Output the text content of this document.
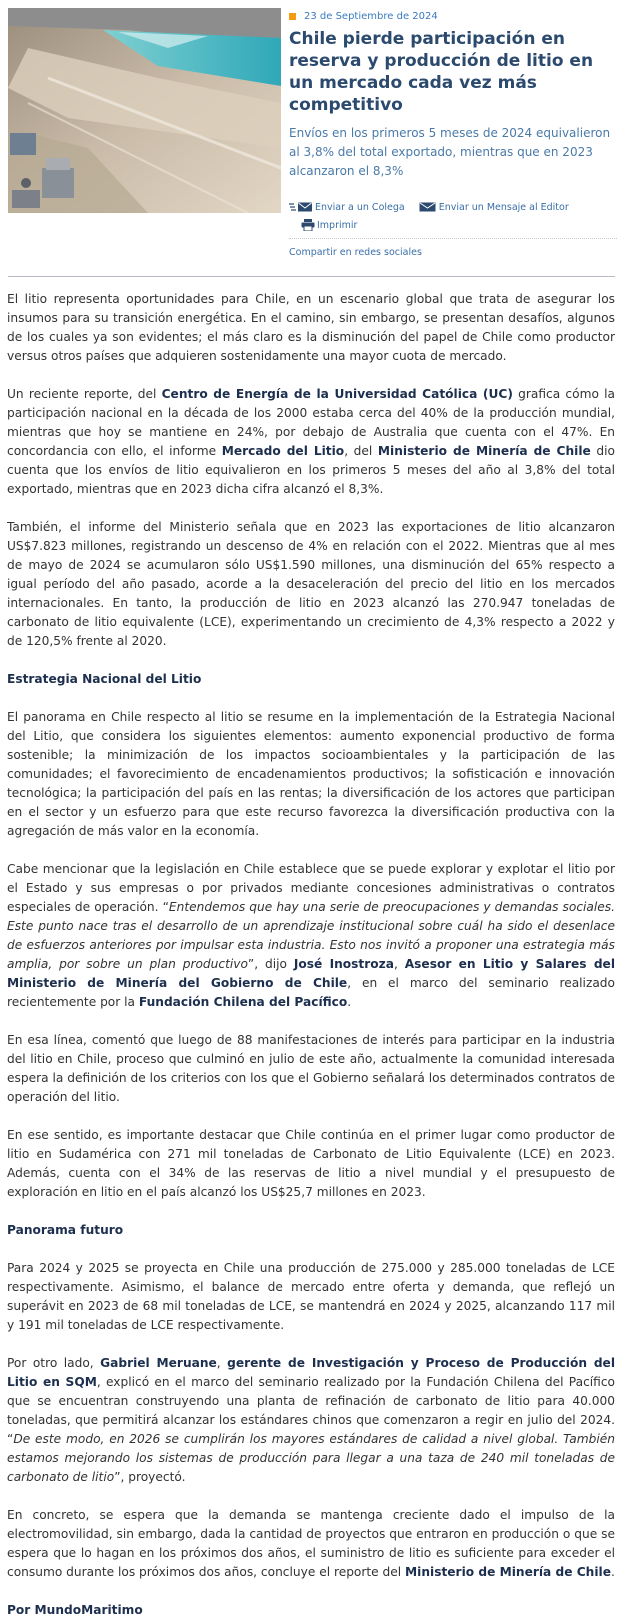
23 de Septiembre de 2024
Chile pierde participación en reserva y producción de litio en un mercado cada vez más competitivo

Envíos en los primeros 5 meses de 2024 equivalieron al 3,8% del total exportado, mientras que en 2023 alcanzaron el 8,3%

Enviar a un Colega	Enviar un Mensaje al Editor
Imprimir
Compartir en redes sociales

El litio representa oportunidades para Chile, en un escenario global que trata de asegurar los insumos para su transición energética. En el camino, sin embargo, se presentan desafíos, algunos de los cuales ya son evidentes; el más claro es la disminución del papel de Chile como productor versus otros países que adquieren sostenidamente una mayor cuota de mercado.

Un reciente reporte, del Centro de Energía de la Universidad Católica (UC) grafica cómo la participación nacional en la década de los 2000 estaba cerca del 40% de la producción mundial, mientras que hoy se mantiene en 24%, por debajo de Australia que cuenta con el 47%. En concordancia con ello, el informe Mercado del Litio, del Ministerio de Minería de Chile dio cuenta que los envíos de litio equivalieron en los primeros 5 meses del año al 3,8% del total exportado, mientras que en 2023 dicha cifra alcanzó el 8,3%.

También, el informe del Ministerio señala que en 2023 las exportaciones de litio alcanzaron US$7.823 millones, registrando un descenso de 4% en relación con el 2022. Mientras que al mes de mayo de 2024 se acumularon sólo US$1.590 millones, una disminución del 65% respecto a igual período del año pasado, acorde a la desaceleración del precio del litio en los mercados internacionales. En tanto, la producción de litio en 2023 alcanzó las 270.947 toneladas de carbonato de litio equivalente (LCE), experimentando un crecimiento de 4,3% respecto a 2022 y de 120,5% frente al 2020.

Estrategia Nacional del Litio

El panorama en Chile respecto al litio se resume en la implementación de la Estrategia Nacional del Litio, que considera los siguientes elementos: aumento exponencial productivo de forma sostenible; la minimización de los impactos socioambientales y la participación de las comunidades; el favorecimiento de encadenamientos productivos; la sofisticación e innovación tecnológica; la participación del país en las rentas; la diversificación de los actores que participan en el sector y un esfuerzo para que este recurso favorezca la diversificación productiva con la agregación de más valor en la economía.

Cabe mencionar que la legislación en Chile establece que se puede explorar y explotar el litio por el Estado y sus empresas o por privados mediante concesiones administrativas o contratos especiales de operación. “Entendemos que hay una serie de preocupaciones y demandas sociales. Este punto nace tras el desarrollo de un aprendizaje institucional sobre cuál ha sido el desenlace de esfuerzos anteriores por impulsar esta industria. Esto nos invitó a proponer una estrategia más amplia, por sobre un plan productivo”, dijo José Inostroza, Asesor en Litio y Salares del Ministerio de Minería del Gobierno de Chile, en el marco del seminario realizado recientemente por la Fundación Chilena del Pacífico.

En esa línea, comentó que luego de 88 manifestaciones de interés para participar en la industria del litio en Chile, proceso que culminó en julio de este año, actualmente la comunidad interesada espera la definición de los criterios con los que el Gobierno señalará los determinados contratos de operación del litio.

En ese sentido, es importante destacar que Chile continúa en el primer lugar como productor de litio en Sudamérica con 271 mil toneladas de Carbonato de Litio Equivalente (LCE) en 2023. Además, cuenta con el 34% de las reservas de litio a nivel mundial y el presupuesto de exploración en litio en el país alcanzó los US$25,7 millones en 2023.

Panorama futuro

Para 2024 y 2025 se proyecta en Chile una producción de 275.000 y 285.000 toneladas de LCE respectivamente. Asimismo, el balance de mercado entre oferta y demanda, que reflejó un superávit en 2023 de 68 mil toneladas de LCE, se mantendrá en 2024 y 2025, alcanzando 117 mil y 191 mil toneladas de LCE respectivamente.

Por otro lado, Gabriel Meruane, gerente de Investigación y Proceso de Producción del Litio en SQM, explicó en el marco del seminario realizado por la Fundación Chilena del Pacífico que se encuentran construyendo una planta de refinación de carbonato de litio para 40.000 toneladas, que permitirá alcanzar los estándares chinos que comenzaron a regir en julio del 2024. “De este modo, en 2026 se cumplirán los mayores estándares de calidad a nivel global. También estamos mejorando los sistemas de producción para llegar a una taza de 240 mil toneladas de carbonato de litio”, proyectó.

En concreto, se espera que la demanda se mantenga creciente dado el impulso de la electromovilidad, sin embargo, dada la cantidad de proyectos que entraron en producción o que se espera que lo hagan en los próximos dos años, el suministro de litio es suficiente para exceder el consumo durante los próximos dos años, concluye el reporte del Ministerio de Minería de Chile.

Por MundoMaritimo
